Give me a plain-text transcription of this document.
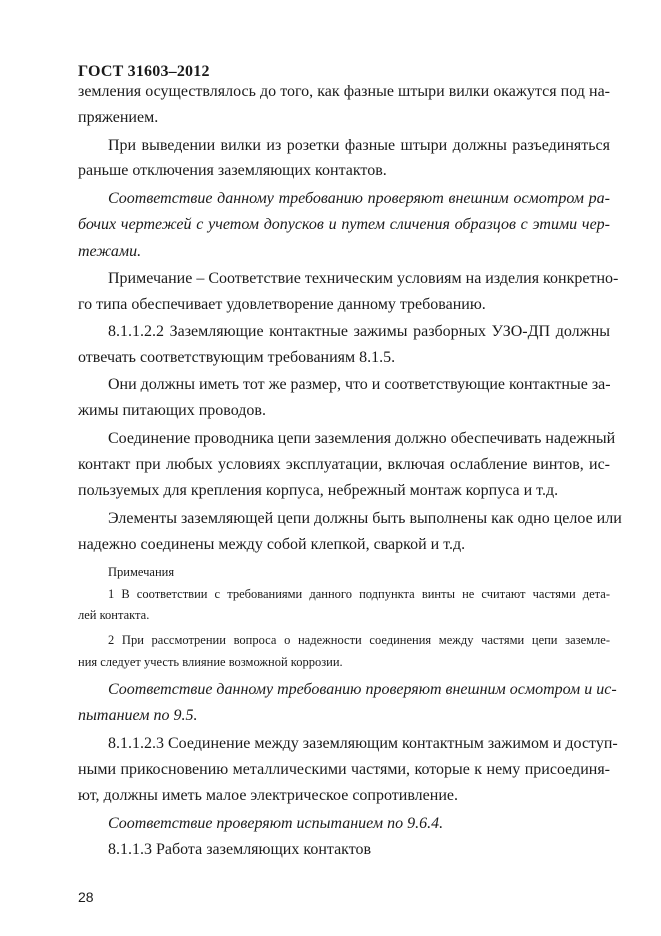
ГОСТ 31603–2012
земления осуществлялось до того, как фазные штыри вилки окажутся под на-
пряжением.
При выведении вилки из розетки фазные штыри должны разъединяться
раньше отключения заземляющих контактов.
Соответствие данному требованию проверяют внешним осмотром ра-
бочих чертежей с учетом допусков и путем сличения образцов с этими чер-
тежами.
Примечание – Соответствие техническим условиям на изделия конкретно-
го типа обеспечивает удовлетворение данному требованию.
8.1.1.2.2 Заземляющие контактные зажимы разборных УЗО-ДП должны
отвечать соответствующим требованиям 8.1.5.
Они должны иметь тот же размер, что и соответствующие контактные за-
жимы питающих проводов.
Соединение проводника цепи заземления должно обеспечивать надежный
контакт при любых условиях эксплуатации, включая ослабление винтов, ис-
пользуемых для крепления корпуса, небрежный монтаж корпуса и т.д.
Элементы заземляющей цепи должны быть выполнены как одно целое или
надежно соединены между собой клепкой, сваркой и т.д.
Примечания
1 В соответствии с требованиями данного подпункта винты не считают частями дета-
лей контакта.
2 При рассмотрении вопроса о надежности соединения между частями цепи заземле-
ния следует учесть влияние возможной коррозии.
Соответствие данному требованию проверяют внешним осмотром и ис-
пытанием по 9.5.
8.1.1.2.3 Соединение между заземляющим контактным зажимом и доступ-
ными прикосновению металлическими частями, которые к нему присоединя-
ют, должны иметь малое электрическое сопротивление.
Соответствие проверяют испытанием по 9.6.4.
8.1.1.3 Работа заземляющих контактов
28
